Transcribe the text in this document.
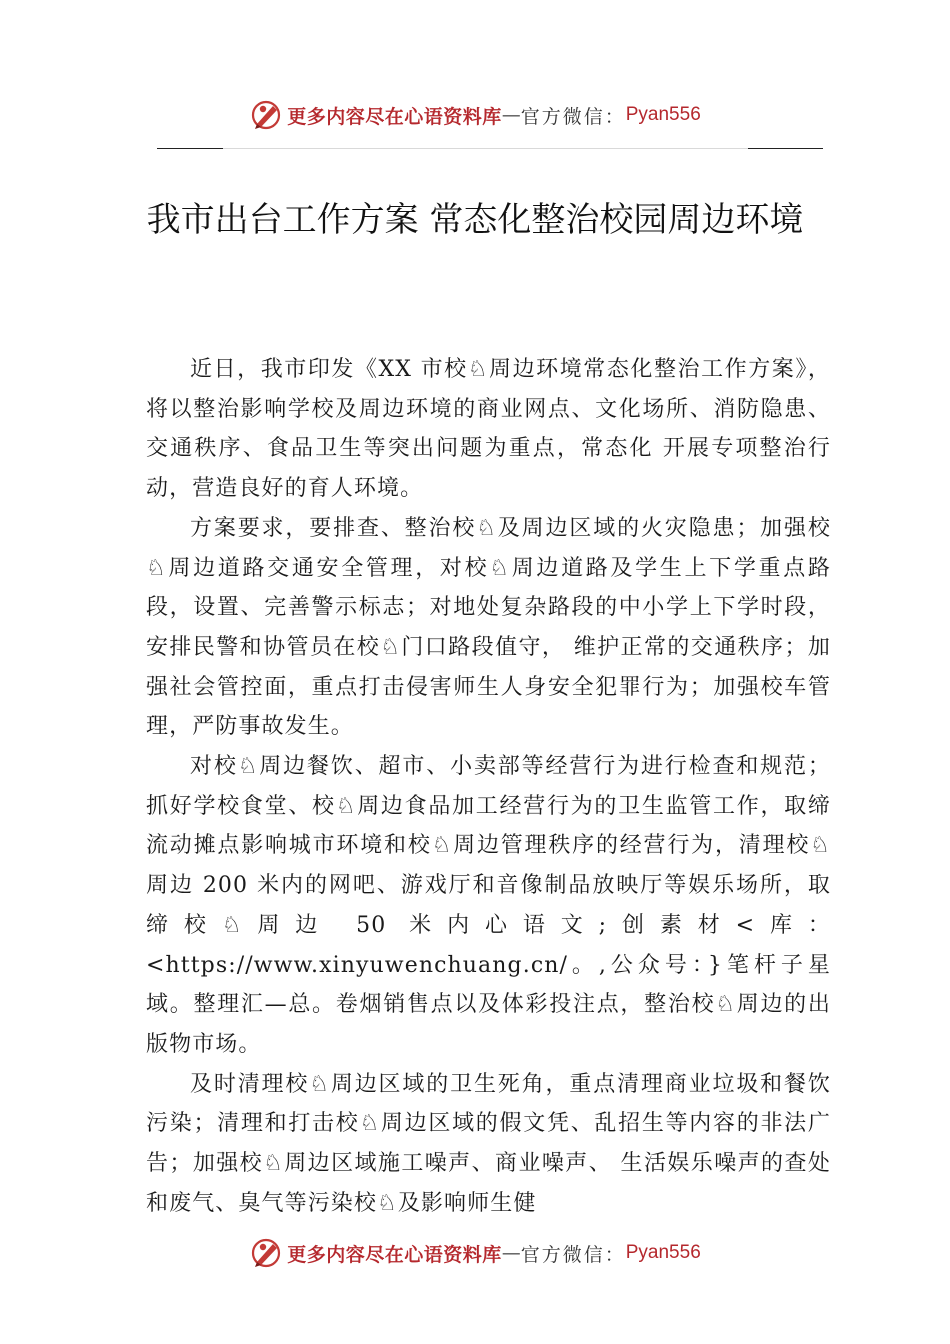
更多内容尽在心语资料库 — 官方微信： Pyan556
我市出台工作方案 常态化整治校园周边环境

近日，我市印发《XX 市校♘周边环境常态化整治工作方案》，将以整治影响学校及周边环境的商业网点、文化场所、消防隐患、交通秩序、食品卫生等突出问题为重点，常态化 开展专项整治行动，营造良好的育人环境。

方案要求，要排查、整治校♘及周边区域的火灾隐患；加强校♘周边道路交通安全管理，对校♘周边道路及学生上下学重点路段，设置、完善警示标志；对地处复杂路段的中小学上下学时段，安排民警和协管员在校♘门口路段值守， 维护正常的交通秩序；加强社会管控面，重点打击侵害师生人身安全犯罪行为；加强校车管理，严防事故发生。

对校♘周边餐饮、超市、小卖部等经营行为进行检查和规范；抓好学校食堂、校♘周边食品加工经营行为的卫生监管工作，取缔流动摊点影响城市环境和校♘周边管理秩序的经营行为，清理校♘周边 200 米内的网吧、游戏厅和音像制品放映厅等娱乐场所，取缔校♘周边 50 米内心语文;创素材<库：<https://www.xinyuwenchuang.cn/。,公众号：}笔杆子星域。整理汇—总。卷烟销售点以及体彩投注点，整治校♘周边的出版物市场。

及时清理校♘周边区域的卫生死角，重点清理商业垃圾和餐饮污染；清理和打击校♘周边区域的假文凭、乱招生等内容的非法广告；加强校♘周边区域施工噪声、商业噪声、 生活娱乐噪声的查处和废气、臭气等污染校♘及影响师生健

更多内容尽在心语资料库 — 官方微信： Pyan556
